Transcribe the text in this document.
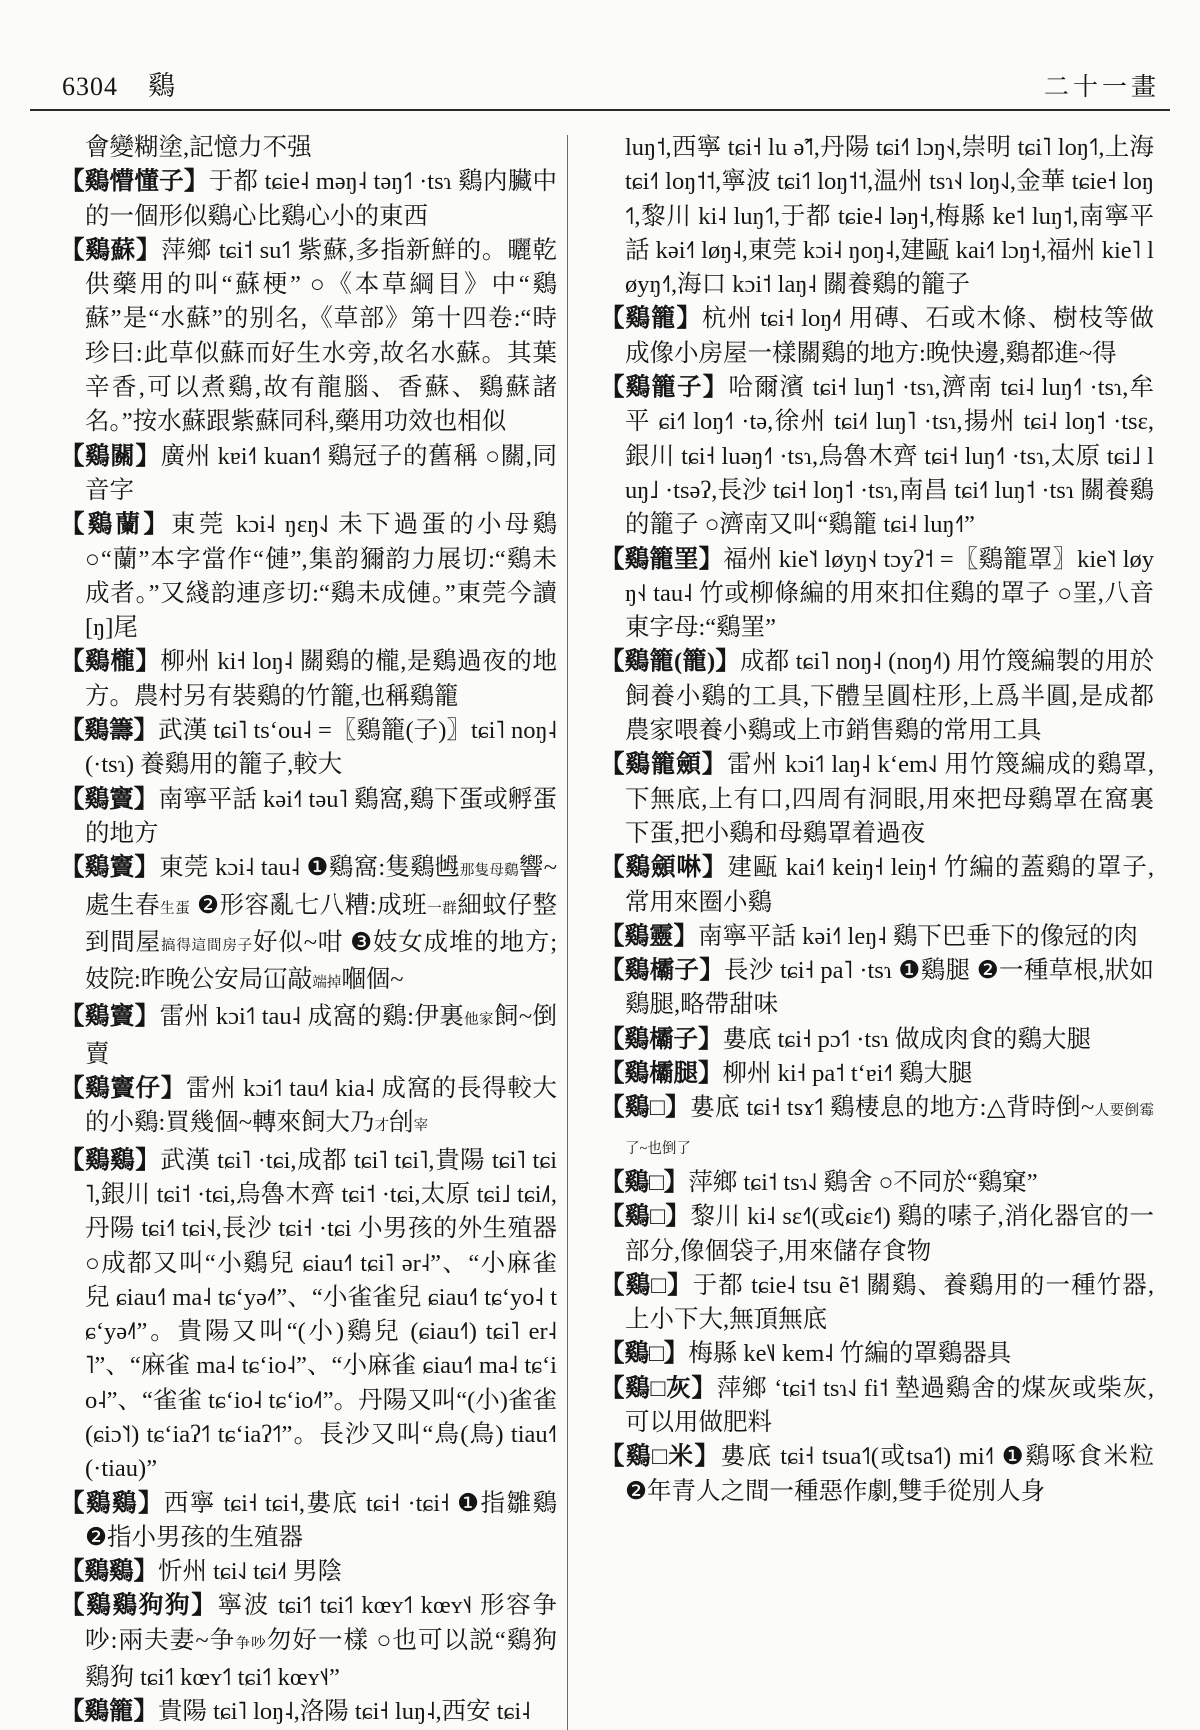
6304 鷄	二十一畫

會變糊塗,記憶力不强

【鷄懵懂子】于都 tɕie˨ məŋ˨ təŋ˦˥ ·tsɿ 鷄内臟中的一個形似鷄心比鷄心小的東西

【鷄蘇】萍鄉 tɕi˦ su˦˥ 紫蘇,多指新鮮的。曬乾供藥用的叫“蘇梗” ○《本草綱目》中“鷄蘇”是“水蘇”的别名,《草部》第十四卷:“時珍曰:此草似蘇而好生水旁,故名水蘇。其葉辛香,可以煮鷄,故有龍腦、香蘇、鷄蘇諸名。”按水蘇跟紫蘇同科,藥用功效也相似

【鷄關】廣州 kɐi˧˥ kuan˧˥ 鷄冠子的舊稱 ○關,同音字

【鷄蘭】東莞 kɔi˨ ŋɛŋ˨˩ 未下過蛋的小母鷄 ○“蘭”本字當作“僆”,集韵獮韵力展切:“鷄未成者。”又綫韵連彦切:“鷄未成僆。”東莞今讀[ŋ]尾

【鷄櫳】柳州 ki˧ loŋ˨ 關鷄的櫳,是鷄過夜的地方。農村另有裝鷄的竹籠,也稱鷄籠

【鷄籌】武漢 tɕi˥ tsʻou˨ =〖鷄籠(子)〗tɕi˥ noŋ˨ (·tsɿ) 養鷄用的籠子,較大

【鷄竇】南寧平話 kəi˧˥ təu˥ 鷄窩,鷄下蛋或孵蛋的地方

【鷄竇】東莞 kɔi˨ tau˨ ❶鷄窩:隻鷄乸那隻母鷄響~處生春生蛋 ❷形容亂七八糟:成班一群細蚊仔整到間屋搞得這間房子好似~咁 ❸妓女成堆的地方;妓院:昨晚公安局冚敲端掉嗰個~

【鷄竇】雷州 kɔi˦˥ tau˨ 成窩的鷄:伊裏他家飼~倒賣

【鷄竇仔】雷州 kɔi˦˥ tau˨˥ kia˨ 成窩的長得較大的小鷄:買幾個~轉來飼大乃才刣宰

【鷄鷄】武漢 tɕi˥ ·tɕi,成都 tɕi˥ tɕi˥,貴陽 tɕi˥ tɕi˥,銀川 tɕi˦ ·tɕi,烏魯木齊 tɕi˦ ·tɕi,太原 tɕi˩ tɕi˩˥,丹陽 tɕi˧˥ tɕi˧˨,長沙 tɕi˧ ·tɕi 小男孩的外生殖器 ○成都又叫“小鷄兒 ɕiau˧˥ tɕi˥ ər˨”、“小麻雀兒 ɕiau˧˥ ma˨ tɕʻyə˨˥”、“小雀雀兒 ɕiau˧˥ tɕʻyo˨ tɕʻyə˨˥”。貴陽又叫“(小)鷄兒 (ɕiau˧˥) tɕi˥ er˨˥”、“麻雀 ma˨ tɕʻio˨”、“小麻雀 ɕiau˧˥ ma˨ tɕʻio˨”、“雀雀 tɕʻio˨ tɕʻio˨˥”。丹陽又叫“(小)雀雀 (ɕiɔ˥˦) tɕʻiaʔ˦˥ tɕʻiaʔ˦˥”。長沙又叫“鳥(鳥) tiau˧˥ (·tiau)”

【鷄鷄】西寧 tɕi˧ tɕi˧,婁底 tɕi˧ ·tɕi˧ ❶指雛鷄 ❷指小男孩的生殖器

【鷄鷄】忻州 tɕi˨˩ tɕi˨˦ 男陰

【鷄鷄狗狗】寧波 tɕi˦˥ tɕi˦˥ kœʏ˦˥ kœʏ˦˨ 形容争吵:兩夫妻~争争吵勿好一樣 ○也可以説“鷄狗鷄狗 tɕi˦˥ kœʏ˦˥ tɕi˦˥ kœʏ˦˨”

【鷄籠】貴陽 tɕi˥ loŋ˨,洛陽 tɕi˧ luŋ˨,西安 tɕi˨

luŋ˦,西寧 tɕi˧ lu ə̃˦˥,丹陽 tɕi˧˥ lɔŋ˧˨,崇明 tɕi˥ loŋ˦˥,上海 tɕi˧˥ loŋ˦˦,寧波 tɕi˦˥ loŋ˦˦,温州 tsɿ˧˨ loŋ˨˩,金華 tɕie˧ loŋ˦˥,黎川 ki˨ luŋ˦˥,于都 tɕie˨ ləŋ˧,梅縣 ke˦ luŋ˦,南寧平話 kəi˧˥ løŋ˨,東莞 kɔi˨ ŋoŋ˨,建甌 kai˧˥ lɔŋ˧,福州 kie˥ løyŋ˧˥,海口 kɔi˦ laŋ˨ 關養鷄的籠子

【鷄籠】杭州 tɕi˧ loŋ˨˦ 用磚、石或木條、樹枝等做成像小房屋一樣關鷄的地方:晚快邊,鷄都進~得

【鷄籠子】哈爾濱 tɕi˧ luŋ˦ ·tsɿ,濟南 tɕi˨ luŋ˧˥ ·tsɿ,牟平 ɕi˧˥ loŋ˧˥ ·tə,徐州 tɕi˨˦ luŋ˥ ·tsɿ,揚州 tɕi˨ loŋ˦ ·tsɛ,銀川 tɕi˧ luəŋ˧˥ ·tsɿ,烏魯木齊 tɕi˧ luŋ˧˥ ·tsɿ,太原 tɕi˩ luŋ˩ ·tsəʔ,長沙 tɕi˧ loŋ˦ ·tsɿ,南昌 tɕi˧˥ luŋ˦ ·tsɿ 關養鷄的籠子 ○濟南又叫“鷄籠 tɕi˨ luŋ˧˥”

【鷄籠罣】福州 kie˥˦ løyŋ˧˨ tɔyʔ˦ =〖鷄籠罩〗kie˥˦ løyŋ˧˨ tau˨ 竹或柳條編的用來扣住鷄的罩子 ○罣,八音東字母:“鷄罣”

【鷄籠(籠)】成都 tɕi˥ noŋ˨ (noŋ˨˥) 用竹篾編製的用於飼養小鷄的工具,下體呈圓柱形,上爲半圓,是成都農家喂養小鷄或上市銷售鷄的常用工具

【鷄籠顩】雷州 kɔi˦˥ laŋ˨ kʻem˨˩ 用竹篾編成的鷄罩,下無底,上有口,四周有洞眼,用來把母鷄罩在窩裏下蛋,把小鷄和母鷄罩着過夜

【鷄顩啉】建甌 kai˧˥ keiŋ˧ leiŋ˧ 竹編的蓋鷄的罩子,常用來圈小鷄

【鷄靈】南寧平話 kəi˧˥ leŋ˨ 鷄下巴垂下的像冠的肉

【鷄欛子】長沙 tɕi˧ pa˥ ·tsɿ ❶鷄腿 ❷一種草根,狀如鷄腿,略帶甜味

【鷄欛子】婁底 tɕi˧ pɔ˦˥ ·tsɿ 做成肉食的鷄大腿

【鷄欛腿】柳州 ki˧ pa˦ tʻɐi˧˥ 鷄大腿

【鷄□】婁底 tɕi˧ tsɤ˦˥ 鷄棲息的地方:△背時倒~人要倒霉了~也倒了

【鷄□】萍鄉 tɕi˦ tsɿ˨˩ 鷄舍 ○不同於“鷄窠”

【鷄□】黎川 ki˨ sɛ˧˥(或ɕiɛ˧˥) 鷄的嗉子,消化器官的一部分,像個袋子,用來儲存食物

【鷄□】于都 tɕie˨ tsu ẽ˦ 關鷄、養鷄用的一種竹器,上小下大,無頂無底

【鷄□】梅縣 ke˥˩ kem˨ 竹編的罩鷄器具

【鷄□灰】萍鄉 ʻtɕi˦ tsɿ˨˩ fi˦ 墊過鷄舍的煤灰或柴灰,可以用做肥料

【鷄□米】婁底 tɕi˧ tsua˦˥(或tsa˦˥) mi˧˥ ❶鷄啄食米粒 ❷年青人之間一種惡作劇,雙手從別人身
